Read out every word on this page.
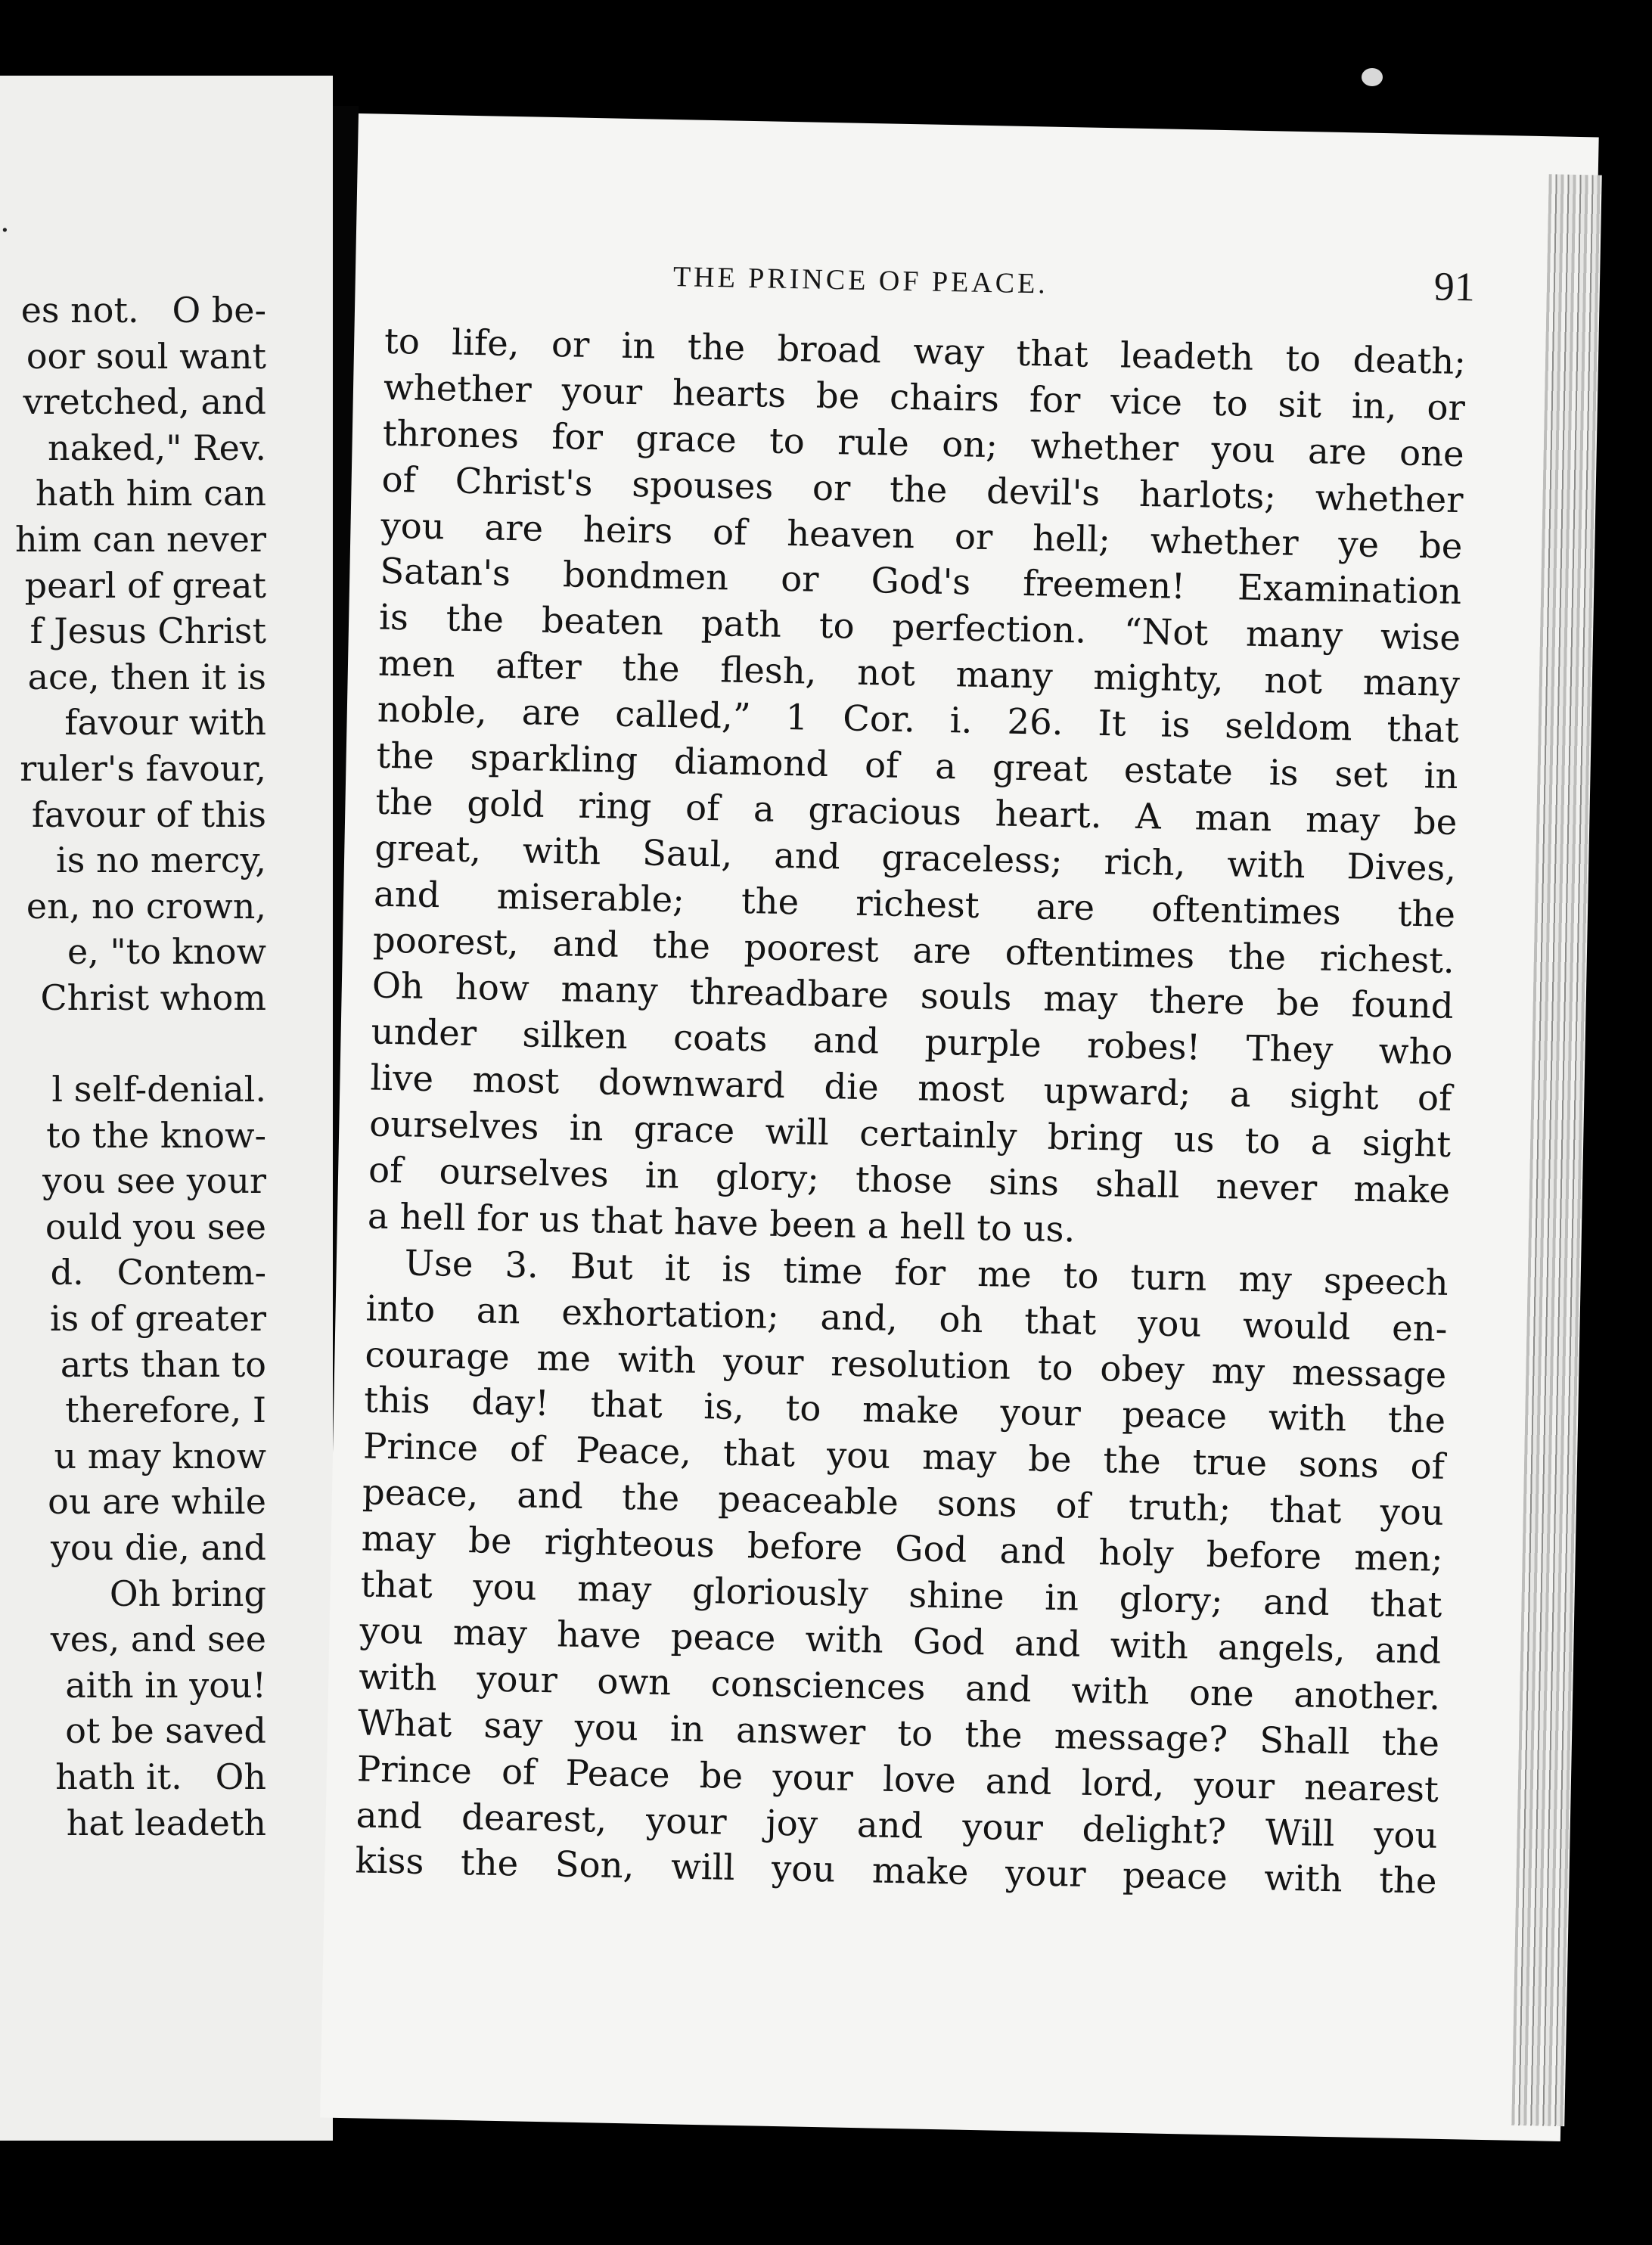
.
es not.   O be-
oor soul want
vretched, and
naked," Rev.
hath him can
him can never
pearl of great
f Jesus Christ
ace, then it is
favour with
ruler's favour,
favour of this
is no mercy,
en, no crown,
e, "to know
Christ whom
l self-denial.
to the know-
you see your
ould you see
d.   Contem-
is of greater
arts than to
therefore, I
u may know
ou are while
you die, and
Oh bring
ves, and see
aith in you!
ot be saved
hath it.   Oh
hat leadeth
THE PRINCE OF PEACE.	91
to life, or in the broad way that leadeth to death;
whether your hearts be chairs for vice to sit in, or
thrones for grace to rule on; whether you are one
of Christ's spouses or the devil's harlots; whether
you are heirs of heaven or hell; whether ye be
Satan's bondmen or God's freemen! Examination
is the beaten path to perfection. “Not many wise
men after the flesh, not many mighty, not many
noble, are called,” 1 Cor. i. 26. It is seldom that
the sparkling diamond of a great estate is set in
the gold ring of a gracious heart. A man may be
great, with Saul, and graceless; rich, with Dives,
and miserable; the richest are oftentimes the
poorest, and the poorest are oftentimes the richest.
Oh how many threadbare souls may there be found
under silken coats and purple robes! They who
live most downward die most upward; a sight of
ourselves in grace will certainly bring us to a sight
of ourselves in glory; those sins shall never make
a hell for us that have been a hell to us.
Use 3. But it is time for me to turn my speech
into an exhortation; and, oh that you would en-
courage me with your resolution to obey my message
this day! that is, to make your peace with the
Prince of Peace, that you may be the true sons of
peace, and the peaceable sons of truth; that you
may be righteous before God and holy before men;
that you may gloriously shine in glory; and that
you may have peace with God and with angels, and
with your own consciences and with one another.
What say you in answer to the message? Shall the
Prince of Peace be your love and lord, your nearest
and dearest, your joy and your delight? Will you
kiss the Son, will you make your peace with the
